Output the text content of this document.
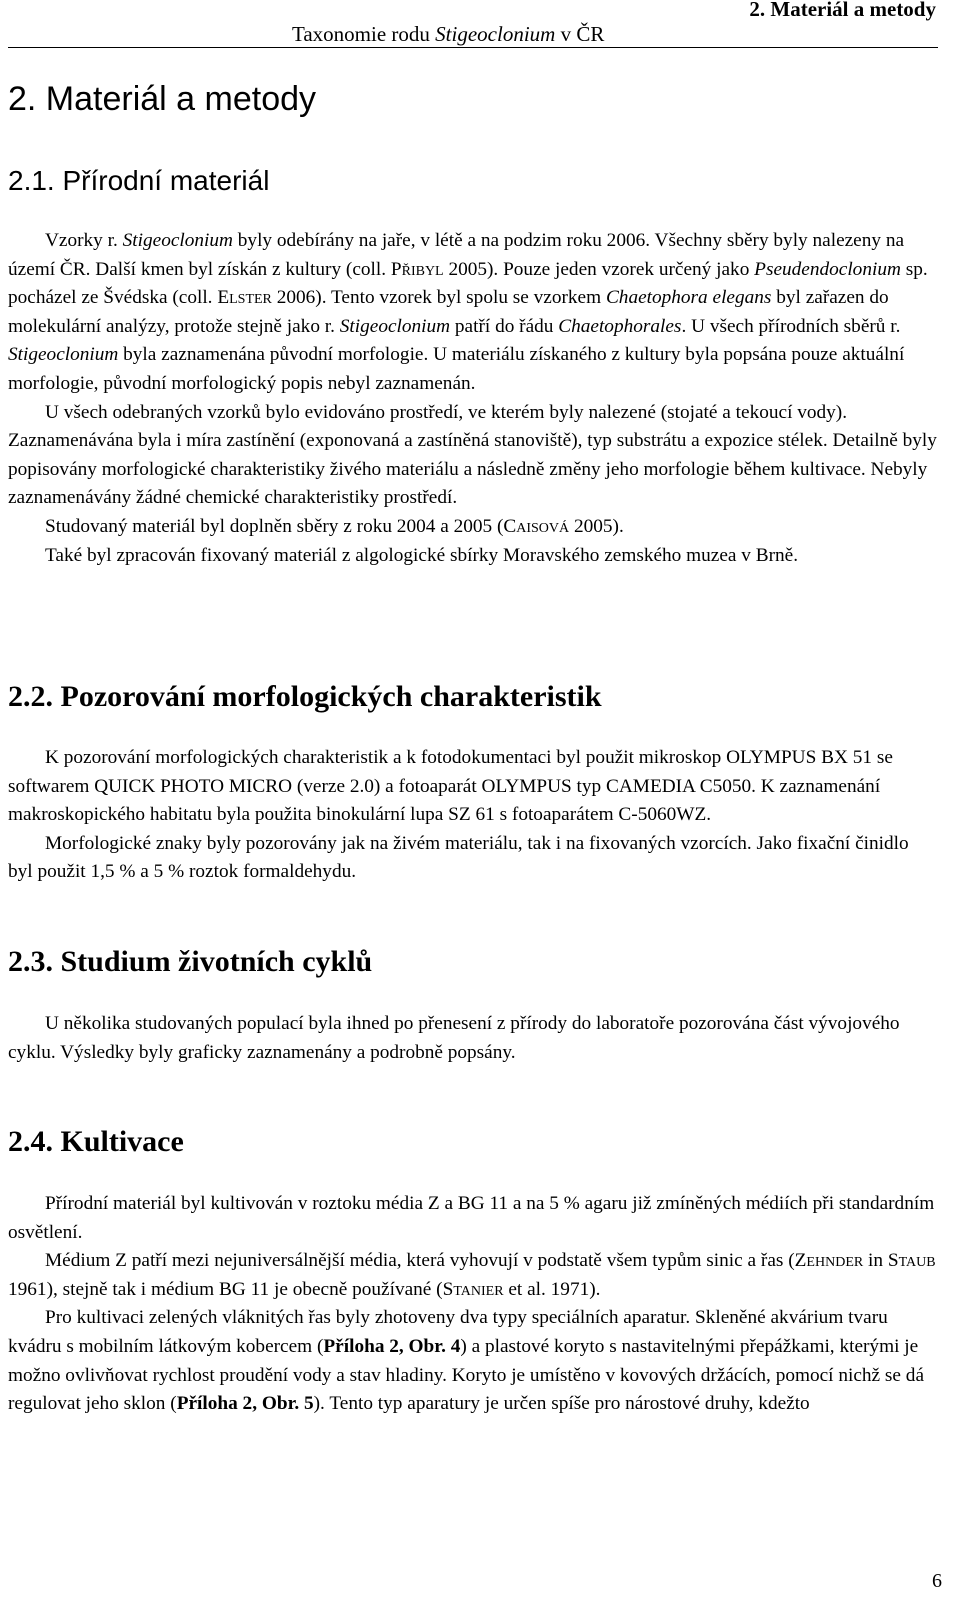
Taxonomie rodu Stigeoclonium v ČR
2. Materiál a metody
2. Materiál a metody
2.1. Přírodní materiál

Vzorky r. Stigeoclonium byly odebírány na jaře, v létě a na podzim roku 2006. Všechny sběry byly nalezeny na území ČR. Další kmen byl získán z kultury (coll. Přibyl 2005). Pouze jeden vzorek určený jako Pseudendoclonium sp. pocházel ze Švédska (coll. Elster 2006). Tento vzorek byl spolu se vzorkem Chaetophora elegans byl zařazen do molekulární analýzy, protože stejně jako r. Stigeoclonium patří do řádu Chaetophorales. U všech přírodních sběrů r. Stigeoclonium byla zaznamenána původní morfologie. U materiálu získaného z kultury byla popsána pouze aktuální morfologie, původní morfologický popis nebyl zaznamenán.

U všech odebraných vzorků bylo evidováno prostředí, ve kterém byly nalezené (stojaté a tekoucí vody). Zaznamenávána byla i míra zastínění (exponovaná a zastíněná stanoviště), typ substrátu a expozice stélek. Detailně byly popisovány morfologické charakteristiky živého materiálu a následně změny jeho morfologie během kultivace. Nebyly zaznamenávány žádné chemické charakteristiky prostředí.

Studovaný materiál byl doplněn sběry z roku 2004 a 2005 (Caisová 2005).

Také byl zpracován fixovaný materiál z algologické sbírky Moravského zemského muzea v Brně.

2.2. Pozorování morfologických charakteristik

K pozorování morfologických charakteristik a k fotodokumentaci byl použit mikroskop OLYMPUS BX 51 se softwarem QUICK PHOTO MICRO (verze 2.0) a fotoaparát OLYMPUS typ CAMEDIA C5050. K zaznamenání makroskopického habitatu byla použita binokulární lupa SZ 61 s fotoaparátem C-5060WZ.

Morfologické znaky byly pozorovány jak na živém materiálu, tak i na fixovaných vzorcích. Jako fixační činidlo byl použit 1,5 % a 5 % roztok formaldehydu.

2.3. Studium životních cyklů

U několika studovaných populací byla ihned po přenesení z přírody do laboratoře pozorována část vývojového cyklu. Výsledky byly graficky zaznamenány a podrobně popsány.

2.4. Kultivace

Přírodní materiál byl kultivován v roztoku média Z a BG 11 a na 5 % agaru již zmíněných médiích při standardním osvětlení.

Médium Z patří mezi nejuniversálnější média, která vyhovují v podstatě všem typům sinic a řas (Zehnder in Staub 1961), stejně tak i médium BG 11 je obecně používané (Stanier et al. 1971).

Pro kultivaci zelených vláknitých řas byly zhotoveny dva typy speciálních aparatur. Skleněné akvárium tvaru kvádru s mobilním látkovým kobercem (Příloha 2, Obr. 4) a plastové koryto s nastavitelnými přepážkami, kterými je možno ovlivňovat rychlost proudění vody a stav hladiny. Koryto je umístěno v kovových držácích, pomocí nichž se dá regulovat jeho sklon (Příloha 2, Obr. 5). Tento typ aparatury je určen spíše pro nárostové druhy, kdežto

6
